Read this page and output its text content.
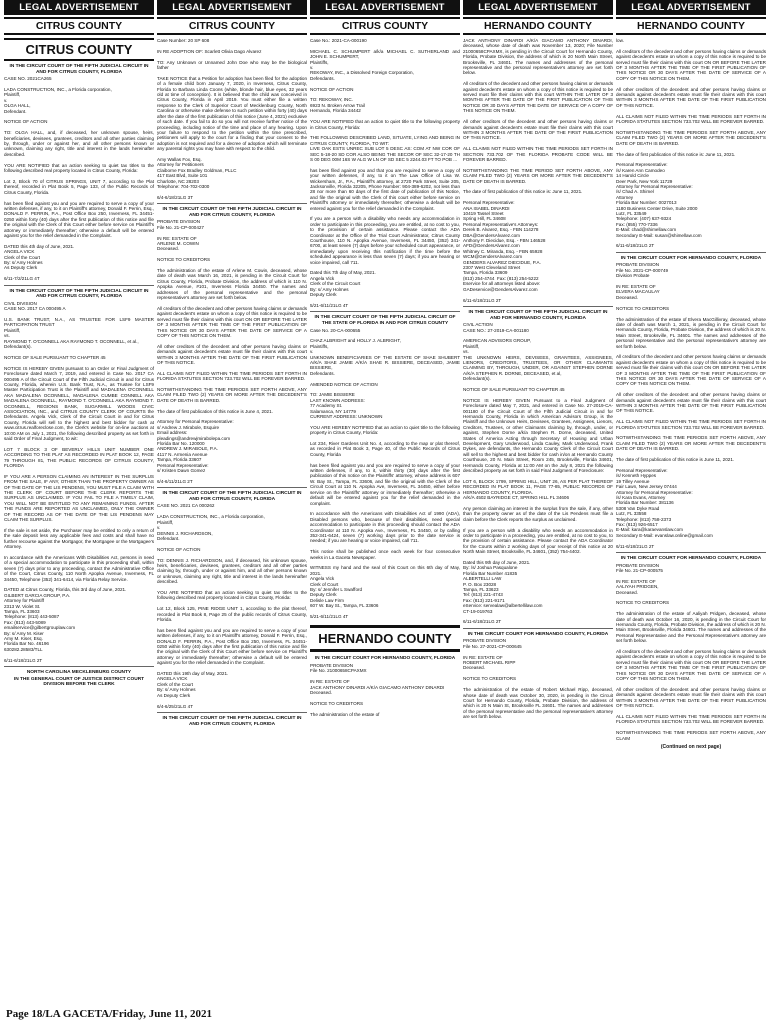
LEGAL ADVERTISEMENT
CITRUS COUNTY
CITRUS COUNTY

IN THE CIRCUIT COURT OF THE FIFTH JUDICIAL CIRCUIT IN AND FOR CITRUS COUNTY, FLORIDA

CASE NO. 2021CA265

LADA CONSTRUCTION, INC., a Florida corporation,
Plaintiff,
v.
OLGA HALL,
Defendant.

NOTICE OF ACTION

TO: OLGA HALL, and, if deceased, her unknown spouse, heirs, beneficiaries, devisees, grantees, creditors and all other parties claiming by, through, under or against her, and all other persons known or unknown, claiming any right, title and interest in the lands hereinafter described.

YOU ARE NOTIFIED that an action seeking to quiet tax titles to the following described real property located in Citrus County, Florida:

Lot 2, Block 70 of CITRUS SPRINGS, UNIT 7, according to the Plat thereof, recorded in Plat Book 5, Page 133, of the Public Records of Citrus County, Florida.

has been filed against you and you are required to serve a copy of your written defenses, if any, to it on Plaintiff's attorney, Donald F. Perrin, Esq., DONALD F. PERRIN, P.A., Post Office Box 250, Inverness, FL 34451-0250 within forty (40) days after the first publication of this notice and file the original with the Clerk of this Court either before service on Plaintiff's attorney or immediately thereafter; otherwise a default will be entered against you for the relief demanded in the Complaint.

DATED this 4th day of June, 2021.
ANGELA VICK
Clerk of the Court
By: s/ Amy Holmes
As Deputy Clerk

6/11-7/2/21LG 4T

IN THE CIRCUIT COURT OF THE FIFTH JUDICIAL CIRCUIT IN AND FOR CITRUS COUNTY, FLORIDA

CIVIL DIVISION
CASE NO. 2017 CA 000495 A

U.S. BANK TRUST, N.A., AS TRUSTEE FOR LSF9 MASTER PARTICIPATION TRUST
Plaintiff,
vs.
RAYMOND T. O'CONNELL AKA RAYMOND T. OCONNELL, et al.,
Defendant(s).

NOTICE OF SALE PURSUANT TO CHAPTER 45

NOTICE IS HEREBY GIVEN pursuant to an Order or Final Judgment of Foreclosure dated March 7, 2019, and entered in Case No. 2017 CA 000495 A of the Circuit Court of the Fifth Judicial Circuit in and for Citrus County, Florida, wherein U.S. Bank Trust, N.A., as Trustee for LSF9 Master Participation Trust is the Plaintiff and MADALENA O'CONNELL AKA MADALENA OCONNELL, MADALENA CUMBE CONNELL AKA MADALENA OCONNELL, RAYMOND T. O'CONNELL AKA RAYMOND T. OCONNELL, REGIONS BANK, SUGARMILL WOODS CIVIC ASSOCIATION, INC., and CITRUS COUNTY CLERK OF COURTS the Defendants. Angela Vick, Clerk of the Circuit Court in and for Citrus County, Florida will sell to the highest and best bidder for cash at www.citrus.realforeclose.com, the Clerk's website for on-line auctions at 10:00 AM on July 1, 2021, the following described property as set forth in said Order of Final Judgment, to wit:

LOT 7 BLOCK 3 OF BEVERLY HILLS UNIT NUMBER ONE ACCORDING TO THE PLAT AS RECORDED IN PLAT BOOK 12, PAGE 79 THROUGH 81, THE PUBLIC RECORDS OF CITRUS COUNTY, FLORIDA

IF YOU ARE A PERSON CLAIMING AN INTEREST IN THE SURPLUS FROM THE SALE, IF ANY, OTHER THAN THE PROPERTY OWNER AS OF THE DATE OF THE LIS PENDENS, YOU MUST FILE A CLAIM WITH THE CLERK OF COURT BEFORE THE CLERK REPORTS THE SURPLUS AS UNCLAIMED. IF YOU FAIL TO FILE A TIMELY CLAIM, YOU WILL NOT BE ENTITLED TO ANY REMAINING FUNDS. AFTER THE FUNDS ARE REPORTED AS UNCLAIMED, ONLY THE OWNER OF THE RECORD AS OF THE DATE OF THE LIS PENDENS MAY CLAIM THE SURPLUS.

If the sale is set aside, the Purchaser may be entitled to only a return of the sale deposit less any applicable fees and costs and shall have no further recourse against the Mortgagor, the Mortgagee or the Mortgagee's Attorney.

In accordance with the Americans With Disabilities Act, persons in need of a special accommodation to participate in this proceeding shall, within seven (7) days prior to any proceeding, contact the Administrative Office of the Court, Citrus County, 110 North Apopka Avenue, Inverness, FL 34450, Telephone (352) 341-6414, via Florida Relay Service.

DATED at Citrus County, Florida, this 3rd day of June, 2021.
GILBERT GARCIA GROUP, P.A.
Attorney for Plaintiff
2313 W. Violet St.
Tampa, FL 33603
Telephone: (813) 443-5087
Fax: (813) 443-5089
emailservice@gilbertgrouplaw.com
By: s/ Amy M. Kiser
Amy M. Kiser, Esq.
Florida Bar No. 46196
630282.28583/TLL

6/11-6/18/21LG 2T

NORTH CAROLINA MECKLENBURG COUNTY

IN THE GENERAL COURT OF JUSTICE DISTRICT COURT DIVISION BEFORE THE CLERK

LEGAL ADVERTISEMENT
CITRUS COUNTY

Case Number: 20 SP 608

IN RE ADOPTION OF: Scarlett Olivia Dago Alvarez

TO: Any Unknown or Unnamed John Doe who may be the biological father

TAKE NOTICE that a Petition for adoption has been filed for the adoption of a female child born January 7, 2020, in Inverness, Citrus County, Florida to Barbara Linda Coons (white, blonde hair, blue eyes, 32 years old at time of conception). It is believed that the child was conceived in Citrus County, Florida in April 2019. You must either file a written response to the Clerk of Superior Court of Mecklenburg County, North Carolina or otherwise make defense to such petition within forty (40) days after the date of the first publication of this notice (June 4, 2021) exclusive of such date. If you fail to do so you will not receive further notice of the proceeding, including notice of the time and place of any hearing. Upon your failure to respond to the petition within the time prescribed, petitioners will apply to the court for a finding that your consent to the adoption is not required and for a decree of adoption which will terminate any parental rights you may have with respect to the child.

Amy Wallas Fox, Esq.
Attorney for Petitioners
Claiborne Fox Bradley Goldman, PLLC
417 East Blvd, Suite 101
Charlotte, NC 28203
Telephone: 704-702-0300

6/4-6/18/21LG 3T

IN THE CIRCUIT COURT OF THE FIFTH JUDICIAL CIRCUIT IN AND FOR CITRUS COUNTY, FLORIDA

PROBATE DIVISION
File No. 21-CP-000427

IN RE: ESTATE OF
ARLENE M. COWIN
Deceased.

NOTICE TO CREDITORS

The administration of the estate of Arlene M. Cowin, deceased, whose date of death was March 16, 2021, is pending in the Circuit Court for Citrus County, Florida, Probate Division, the address of which is 110 N. Apopka Avenue, #101, Inverness Florida 34450. The names and addresses of the personal representative and the personal representative's attorney are set forth below.

All creditors of the decedent and other persons having claims or demands against decedent's estate on whom a copy of this notice is required to be served must file their claims with this court ON OR BEFORE THE LATER OF 3 MONTHS AFTER THE TIME OF THE FIRST PUBLICATION OF THIS NOTICE OR 30 DAYS AFTER THE DATE OF SERVICE OF A COPY OF THIS NOTICE ON THEM.

All other creditors of the decedent and other persons having claims or demands against decedent's estate must file their claims with this court WITHIN 3 MONTHS AFTER THE DATE OF THE FIRST PUBLICATION OF THIS NOTICE.

ALL CLAIMS NOT FILED WITHIN THE TIME PERIODS SET FORTH IN FLORIDA STATUTES SECTION 733.702 WILL BE FOREVER BARRED.

NOTWITHSTANDING THE TIME PERIODS SET FORTH ABOVE, ANY CLAIM FILED TWO (2) YEARS OR MORE AFTER THE DECEDENT'S DATE OF DEATH IS BARRED.

The date of first publication of this notice is June 4, 2021.

Attorney for Personal Representative:
s/ Andrew J. Mirabole, Esquire
Email address:
pleadings@andrewjmirabolepa.com
Florida Bar No. 120000
ANDREW J. MIRABOLE, P.A.
4117 N. Armenia Avenue
Tampa, Florida 33607
Personal Representative:
s/ Kristen Dawn Gomez

6/4-6/11/21LG 2T

IN THE CIRCUIT COURT OF THE FIFTH JUDICIAL CIRCUIT IN AND FOR CITRUS COUNTY, FLORIDA

CASE NO. 2021 CA 000262

LADA CONSTRUCTION, INC., a Florida corporation,
Plaintiff,
v.
DENNIS J. RICHARDSON,
Defendant.

NOTICE OF ACTION

TO: DENNIS J. RICHARDSON, and, if deceased, his unknown spouse, heirs, beneficiaries, devisees, grantees, creditors and all other parties claiming by, through, under or against him, and all other persons known or unknown, claiming any right, title and interest in the lands hereinafter described.

YOU ARE NOTIFIED that an action seeking to quiet tax titles to the following described real property located in Citrus County, Florida:

Lot 12, Block 125, PINE RIDGE UNIT 1, according to the plat thereof, recorded in Plat Book 8, Page 25 of the public records of Citrus County, Florida.

has been filed against you and you are required to serve a copy of your written defenses, if any, to it on Plaintiff's attorney, Donald F. Perrin, Esq., DONALD F. PERRIN, P.A., Post Office Box 250, Inverness, FL 34451-0250 within forty (40) days after the first publication of this notice and file the original with the Clerk of this Court either before service on Plaintiff's attorney or immediately thereafter; otherwise a default will be entered against you for the relief demanded in the Complaint.

DATED this 19th day of May, 2021.
ANGELA VICK
Clerk of the Court
By: s/ Amy Holmes
As Deputy Clerk

6/4-6/25/21LG 4T

IN THE CIRCUIT COURT OF THE FIFTH JUDICIAL CIRCUIT IN AND FOR CITRUS COUNTY, FLORIDA

LEGAL ADVERTISEMENT
CITRUS COUNTY

Case No.: 2021-CA-000190

MICHAEL C. SCHUMPERT a/k/a MICHAEL C. SUTHERLAND and JOHN E. SCHUMPERT,
Plaintiffs,
v.
REKOWAY, INC., a Dissolved Foreign Corporation,
Defendants.

NOTICE OF ACTION

TO: REKOWAY, INC.
6923 N. Broken Arrow Trail
Hernando, Florida 34442

YOU ARE NOTIFIED that an action to quiet title to the following property in Citrus County, Florida:

THE FOLLOWING DESCRIBED LAND, SITUATE, LYING AND BEING IN CITRUS COUNTY, FLORIDA, TO WIT:
LIVE OAK ESTS UNREC SUB LOT 5 DESC AS: COM AT NW COR OF SEC 5-18-20 SD COR ALSO BEING THE SECOR OF SEC 32-17-20 TH S 00 DEG 00M 16S W ALG W LN OF SD SEC 5 2244.03 FT TO POB ...

has been filed against you and that you are required to serve a copy of your written defenses, if any, to it on The Law Office of Lisa W. Wickersham, Jr., P.A., Plaintiff's attorney, at 2720 Park Street, Suite 205, Jacksonville, Florida 32205, Phone Number: 904-389-6202, not less than 28 nor more than 60 days of the first date of publication of this Notice, and file the original with the Clerk of this court either before service on Plaintiff's attorney or immediately thereafter; otherwise a default will be entered against you for the relief demanded in the Complaint.

If you are a person with a disability who needs any accommodation in order to participate in this proceeding, you are entitled, at no cost to you, to the provision of certain assistance. Please contact the ADA Coordinator at the Office of the Trial Court Administrator, Citrus County Courthouse, 110 N. Apopka Avenue, Inverness, FL 34450, (352) 341-6700, at least seven (7) days before your scheduled court appearance, or immediately upon receiving this notification if the time before the scheduled appearance is less than seven (7) days; if you are hearing or voice impaired, call 711.

Dated this 7th day of May, 2021.
Angela Vick
Clerk of the Circuit Court
By: s/ Amy Holmes
Deputy Clerk

5/21-6/11/21LG 4T

IN THE CIRCUIT COURT OF THE FIFTH JUDICIAL CIRCUIT OF THE STATE OF FLORIDA IN AND FOR CITRUS COUNTY

Case No. 20-CA-000655

CHAZ ALBRIGHT and HOLLY J. ALBRIGHT,
Plaintiffs,
v.
UNKNOWN BENEFICIARIES OF THE ESTATE OF SHAE SHUBERT A/K/A SHAE JAMIE A/K/A SHAE R. BISSIERE, DECEASED, JAMIE BISSIERE,
Defendants.

AMENDED NOTICE OF ACTION

TO: JAMIE BISSIERE
LAST KNOWN ADDRESS:
77 Academy St.
Salamanca, NY 14779
CURRENT ADDRESS: UNKNOWN

YOU ARE HEREBY NOTIFIED that an action to quiet title to the following property in Citrus County, Florida:

Lot 234, River Gardens Unit No. 4, according to the map or plat thereof, as recorded in Plat Book 3, Page 40, of the Public Records of Citrus County, Florida

has been filed against you and you are required to serve a copy of your written defenses, if any, to it, within thirty (30) days after the first publication of this notice on the Plaintiffs' attorney, whose address is 607 W. Bay St., Tampa, FL 33606, and file the original with the Clerk of the Circuit Court at 110 N. Apopka Ave, Inverness, FL 34450, either before service on the Plaintiffs' attorney or immediately thereafter; otherwise a default will be entered against you for the relief demanded in the complaint.

In accordance with the Americans with Disabilities Act of 1990 (ADA), Disabled persons who, because of their disabilities, need special accommodation to participate in this proceeding should contact the ADA Coordinator at 110 N. Apopka Ave., Inverness, FL 34450, or by calling 352-341-6424, seven (7) working days prior to the date service is needed; if you are hearing or voice impaired, call 711.

This notice shall be published once each week for four consecutive weeks in La Gaceta Newspaper.

WITNESS my hand and the seal of this Court on this 6th day of May, 2021.
Angela Vick
Clerk of Court
By: s/ Jennifer L Swafford
Deputy Clerk
Delisle Law Firm
607 W. Bay St., Tampa, FL 33606

5/21-6/11/21LG 4T

HERNANDO COUNTY

IN THE CIRCUIT COURT FOR HERNANDO COUNTY, FLORIDA

PROBATE DIVISION
File No. 21000658CPAXMX

IN RE: ESTATE OF
JACK ANTHONY DINARDI A/K/A GIACAMO ANTHONY DINARDI
Deceased.

NOTICE TO CREDITORS

The administration of the estate of

LEGAL ADVERTISEMENT
HERNANDO COUNTY

JACK ANTHONY DINARDI A/K/A GIACAMO ANTHONY DINARDI, deceased, whose date of death was November 13, 2020; File Number 21000658CPAXMX, is pending in the Circuit Court for Hernando County, Florida, Probate Division, the address of which is 20 North Main Street, Brooksville, FL 34601. The names and addresses of the personal representative and the personal representative's attorney are set forth below.

All creditors of the decedent and other persons having claims or demands against decedent's estate on whom a copy of this notice is required to be served must file their claims with this court WITHIN THE LATER OF 3 MONTHS AFTER THE DATE OF THE FIRST PUBLICATION OF THIS NOTICE OR 30 DAYS AFTER THE DATE OF SERVICE OF A COPY OF THIS NOTICE ON THEM.

All other creditors of the decedent and other persons having claims or demands against decedent's estate must file their claims with this court WITHIN 3 MONTHS AFTER THE DATE OF THE FIRST PUBLICATION OF THIS NOTICE.

ALL CLAIMS NOT FILED WITHIN THE TIME PERIODS SET FORTH IN SECTION 733.702 OF THE FLORIDA PROBATE CODE WILL BE FOREVER BARRED.

NOTWITHSTANDING THE TIME PERIOD SET FORTH ABOVE, ANY CLAIM FILED TWO (2) YEARS OR MORE AFTER THE DECEDENT'S DATE OF DEATH IS BARRED.

The date of first publication of this notice is: June 11, 2021.

Personal Representative:
ANA ISABEL DINARDI
10419 Tassel Street
Spring Hill, FL 34608
Personal Representative's Attorneys:
Derek B. Alvarez, Esq. - FBN 114278
DBA@GendersAlvarez.com
Anthony F. Diecidue, Esq. - FBN 146528
AFD@GendersAlvarez.com
Whitney C. Miranda, Esq. - FBN 65928
WCM@GendersAlvarez.com
GENDERS ALVAREZ DIECIDUE, P.A.
2307 West Cleveland Street
Tampa, Florida 33609
(813) 254-4744  Fax: (813) 254-5222
Eservice for all attorneys listed above:
GADeservice@GendersAlvarez.com

6/11-6/18/21LG 2T

IN THE CIRCUIT COURT OF THE FIFTH JUDICIAL CIRCUIT IN AND FOR HERNANDO COUNTY, FLORIDA

CIVIL ACTION
CASE NO.: 27-2019-CA-001180

AMERICAN ADVISORS GROUP,
Plaintiff,
vs.
THE UNKNOWN HEIRS, DEVISEES, GRANTEES, ASSIGNEES, LIENORS, CREDITORS, TRUSTEES, OR OTHER CLAIMANTS CLAIMING BY, THROUGH, UNDER, OR AGAINST STEPHEN DORNE A/K/A STEPHEN R. DORNE, DECEASED, et al,
Defendant(s).

NOTICE OF SALE PURSUANT TO CHAPTER 45

NOTICE IS HEREBY GIVEN Pursuant to a Final Judgment of Foreclosure dated May 7, 2021, and entered in Case No. 27-2019-CA-001180 of the Circuit Court of the Fifth Judicial Circuit in and for Hernando County, Florida in which American Advisors Group, is the Plaintiff and the Unknown Heirs, Devisees, Grantees, Assignees, Lienors, Creditors, Trustees, or other Claimants claiming by, through, under, or against, Stephen Dorne a/k/a Stephen R. Dorne, deceased, United States of America Acting through Secretary of Housing and Urban Development, Gary Underwood, Linda Cauley, Mark Underwood, Frank Dykes, are defendants, the Hernando County Clerk of the Circuit Court will sell to the highest and best bidder for cash in/on at Hernando County Courthouse, 20 N. Main Street, Room 245, Brooksville, Florida 34601, Hernando County, Florida at 11:00 AM on the July 8, 2021 the following described property as set forth in said Final Judgment of Foreclosure:

LOT 6, BLOCK 1799, SPRING HILL, UNIT 26, AS PER PLAT THEREOF RECORDED IN PLAT BOOK 11, PAGE 77-85, PUBLIC RECORDS OF HERNANDO COUNTY, FLORIDA.
A/K/A 4502 BAYRIDGE CT, SPRING HILL FL 34606

Any person claiming an interest in the surplus from the sale, if any, other than the property owner as of the date of the Lis Pendens must file a claim before the Clerk reports the surplus as unclaimed.

If you are a person with a disability who needs an accommodation in order to participate in a proceeding, you are entitled, at no cost to you, to the provision of certain assistance. Please contact the ADA Coordinator for the Courts within 2 working days of your receipt of this notice at 20 North Main Street, Brooksville, FL 34601, (352) 754-4402.

Dated this 9th day of June, 2021.
By: /s/ Joshua Pasqualone
Florida Bar Number 41835
ALBERTELLI LAW
P. O. Box 23028
Tampa, FL 33623
Tel: (813) 221-4743
Fax: (813) 221-9171
eService: servealaw@albertellilaw.com
CT-19-019763

6/11-6/18/21LG 2T

IN THE CIRCUIT COURT FOR HERNANDO COUNTY, FLORIDA

PROBATE DIVISION
File No. 27-2021-CP-000645

IN RE: ESTATE OF
ROBERT MICHAEL RIPP
Deceased.

NOTICE TO CREDITORS

The administration of the estate of Robert Michael Ripp, deceased, whose date of death was October 30, 2020, is pending in the Circuit Court for Hernando County, Florida, Probate Division, the address of which is 20 N Main St, Brooksville FL 34601. The names and addresses of the personal representative and the personal representative's attorney are set forth below.

LEGAL ADVERTISEMENT
HERNANDO COUNTY

low.

All creditors of the decedent and other persons having claims or demands against decedent's estate on whom a copy of this notice is required to be served must file their claims with this court ON OR BEFORE THE LATER OF 3 MONTHS AFTER THE TIME OF THE FIRST PUBLICATION OF THIS NOTICE OR 30 DAYS AFTER THE DATE OF SERVICE OF A COPY OF THIS NOTICE ON THEM.

All other creditors of the decedent and other persons having claims or demands against decedent's estate must file their claims with this court WITHIN 3 MONTHS AFTER THE DATE OF THE FIRST PUBLICATION OF THIS NOTICE.

ALL CLAIMS NOT FILED WITHIN THE TIME PERIODS SET FORTH IN FLORIDA STATUTES SECTION 733.702 WILL BE FOREVER BARRED.

NOTWITHSTANDING THE TIME PERIODS SET FORTH ABOVE, ANY CLAIM FILED TWO (2) YEARS OR MORE AFTER THE DECEDENT'S DATE OF DEATH IS BARRED.

The date of first publication of this notice is: June 11, 2021.

Personal Representative:
/s/ Karen Ann Camodeo
14 Harold Circle
Deer Park, New York 11729
Attorney for Personal Representative:
/s/ Chad A. Shimel
Attorney
Florida Bar Number: 0027013
1180 Business Center Drive, Suite 2000
Lutz, FL 33549
Telephone: (407) 637-9324
Fax: (855) 770-7336
E-Mail: chad@shimellaw.com
Secondary E-Mail: susan@shimellaw.com

6/11-6/18/21LG 2T

IN THE CIRCUIT COURT FOR HERNANDO COUNTY, FLORIDA

PROBATE DIVISION
File No. 2021-CP-000749
Division Probate

IN RE: ESTATE OF
ELVERA MACAULAY
Deceased.

NOTICE TO CREDITORS

The administration of the estate of Elvera MacGillivray, deceased, whose date of death was March 1, 2021, is pending in the Circuit Court for Hernando County, Florida, Probate Division, the address of which is 20 N. Main Street, Brooksville, FL 34601. The names and addresses of the personal representative and the personal representative's attorney are set forth below.

All creditors of the decedent and other persons having claims or demands against decedent's estate on whom a copy of this notice is required to be served must file their claims with this court ON OR BEFORE THE LATER OF 3 MONTHS AFTER THE TIME OF THE FIRST PUBLICATION OF THIS NOTICE OR 30 DAYS AFTER THE DATE OF SERVICE OF A COPY OF THIS NOTICE ON THEM.

All other creditors of the decedent and other persons having claims or demands against decedent's estate must file their claims with this court WITHIN 3 MONTHS AFTER THE DATE OF THE FIRST PUBLICATION OF THIS NOTICE.

ALL CLAIMS NOT FILED WITHIN THE TIME PERIODS SET FORTH IN FLORIDA STATUTES SECTION 733.702 WILL BE FOREVER BARRED.

NOTWITHSTANDING THE TIME PERIODS SET FORTH ABOVE, ANY CLAIM FILED TWO (2) YEARS OR MORE AFTER THE DECEDENT'S DATE OF DEATH IS BARRED.

The date of first publication of this notice is June 11, 2021.

Personal Representative:
/s/ Kenneth Hyppes
19 Tilley Avenue
Fair Lawn, New Jersey 07444
Attorney for Personal Representative:
/s/ Kara Evans, Attorney
Florida Bar Number: 381136
5308 Van Dyke Road
Lutz, FL 33558
Telephone: (813) 758-2373
Fax: (813) 926-6517
E-Mail: kara@karaevanslaw.com
Secondary E-Mail: evanslaw.online@gmail.com

6/11-6/18/21LG 2T

IN THE CIRCUIT COURT FOR HERNANDO COUNTY, FLORIDA

PROBATE DIVISION
File No. 21-CP-000575

IN RE: ESTATE OF
AALIYAH PRIDGEN,
Deceased.

NOTICE TO CREDITORS

The administration of the estate of Aaliyah Pridgen, deceased, whose date of death was October 16, 2020, is pending in the Circuit Court for Hernando County, Florida, Probate Division, the address of which is 20 N. Main Street, Brooksville, Florida 34601. The names and addresses of the Personal Representative and the Personal Representative's attorney are set forth below.

All creditors of the decedent and other persons having claims or demands against decedent's estate on whom a copy of this notice is required to be served must file their claims with this court ON OR BEFORE THE LATER OF 3 MONTHS AFTER THE TIME OF THE FIRST PUBLICATION OF THIS NOTICE OR 30 DAYS AFTER THE DATE OF SERVICE OF A COPY OF THIS NOTICE ON THEM.

All other creditors of the decedent and other persons having claims or demands against decedent's estate must file their claims with this court WITHIN 3 MONTHS AFTER THE DATE OF THE FIRST PUBLICATION OF THIS NOTICE.

ALL CLAIMS NOT FILED WITHIN THE TIME PERIODS SET FORTH IN FLORIDA STATUTES SECTION 733.702 WILL BE FOREVER BARRED.

NOTWITHSTANDING THE TIME PERIODS SET FORTH ABOVE, ANY CLAIM

(Continued on next page)
Page 18/LA GACETA/Friday, June 11, 2021
